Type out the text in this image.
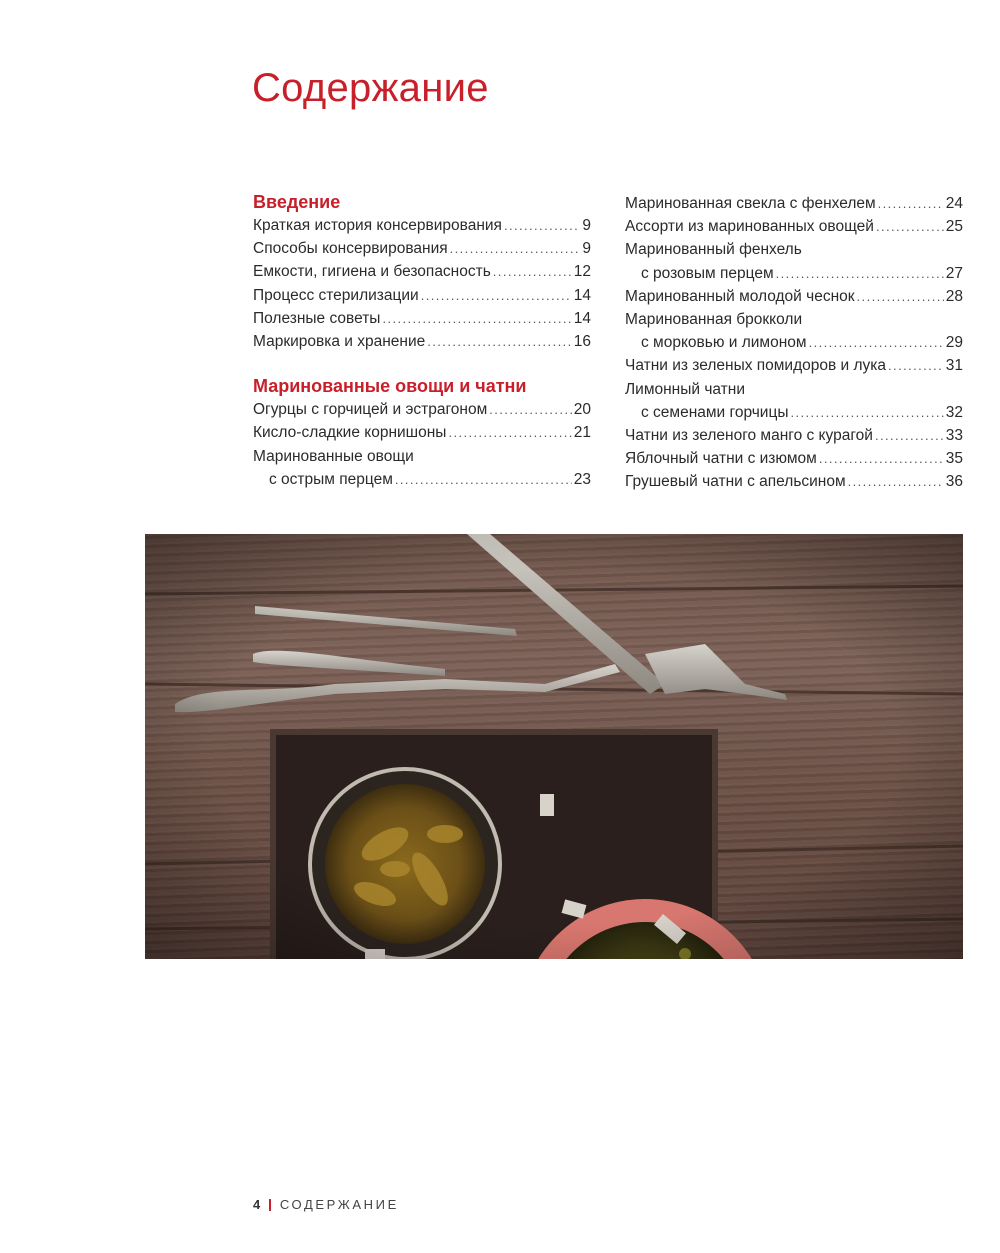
Содержание
Введение
Краткая история консервирования .....	9
Способы консервирования .....	9
Емкости, гигиена и безопасность .....	12
Процесс стерилизации .....	14
Полезные советы .....	14
Маркировка и хранение .....	16
Маринованные овощи и чатни
Огурцы с горчицей и эстрагоном .....	20
Кисло-сладкие корнишоны .....	21
Маринованные овощи
с острым перцем .....	23
Маринованная свекла с фенхелем .....	24
Ассорти из маринованных овощей .....	25
Маринованный фенхель
с розовым перцем .....	27
Маринованный молодой чеснок .....	28
Маринованная брокколи
с морковью и лимоном .....	29
Чатни из зеленых помидоров и лука .....	31
Лимонный чатни
с семенами горчицы .....	32
Чатни из зеленого манго с курагой .....	33
Яблочный чатни с изюмом .....	35
Грушевый чатни с апельсином .....	36
4 СОДЕРЖАНИЕ
